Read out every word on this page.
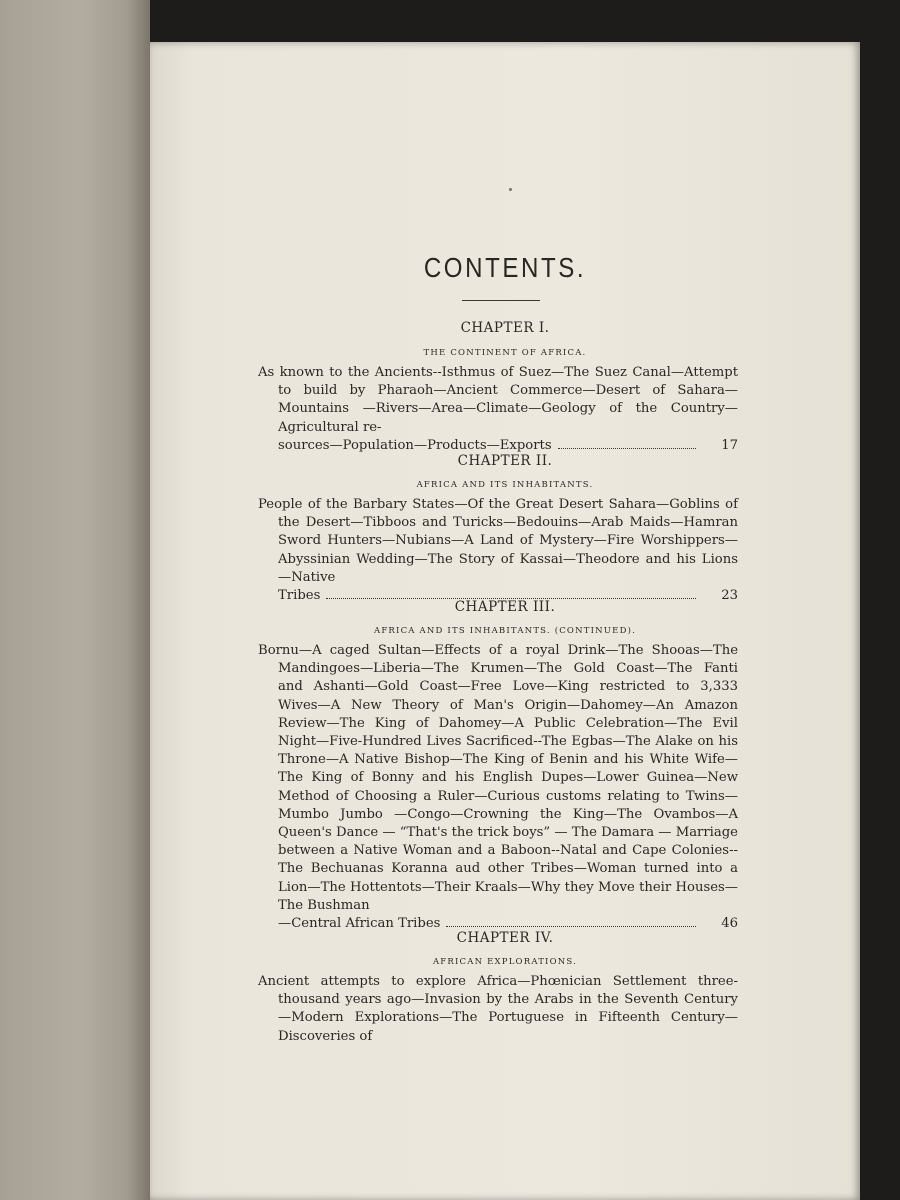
CONTENTS.
CHAPTER I.
THE CONTINENT OF AFRICA.
As known to the Ancients--Isthmus of Suez—The Suez Canal—Attempt to build by Pharaoh—Ancient Commerce—Desert of Sahara—Mountains —Rivers—Area—Climate—Geology of the Country—Agricultural re-
sources—Population—Products—Exports	17
CHAPTER II.
AFRICA AND ITS INHABITANTS.
People of the Barbary States—Of the Great Desert Sahara—Goblins of the Desert—Tibboos and Turicks—Bedouins—Arab Maids—Hamran Sword Hunters—Nubians—A Land of Mystery—Fire Worshippers—Abyssinian Wedding—The Story of Kassai—Theodore and his Lions—Native
Tribes	23
CHAPTER III.
AFRICA AND ITS INHABITANTS. (CONTINUED).
Bornu—A caged Sultan—Effects of a royal Drink—The Shooas—The Mandingoes—Liberia—The Krumen—The Gold Coast—The Fanti and Ashanti—Gold Coast—Free Love—King restricted to 3,333 Wives—A New Theory of Man's Origin—Dahomey—An Amazon Review—The King of Dahomey—A Public Celebration—The Evil Night—Five-Hundred Lives Sacrificed--The Egbas—The Alake on his Throne—A Native Bishop—The King of Benin and his White Wife—The King of Bonny and his English Dupes—Lower Guinea—New Method of Choosing a Ruler—Curious customs relating to Twins—Mumbo Jumbo —Congo—Crowning the King—The Ovambos—A Queen's Dance — “That's the trick boys” — The Damara — Marriage between a Native Woman and a Baboon--Natal and Cape Colonies--The Bechuanas Koranna aud other Tribes—Woman turned into a Lion—The Hottentots—Their Kraals—Why they Move their Houses—The Bushman
—Central African Tribes	46
CHAPTER IV.
AFRICAN EXPLORATIONS.
Ancient attempts to explore Africa—Phœnician Settlement three-thousand years ago—Invasion by the Arabs in the Seventh Century—Modern Explorations—The Portuguese in Fifteenth Century—Discoveries of
